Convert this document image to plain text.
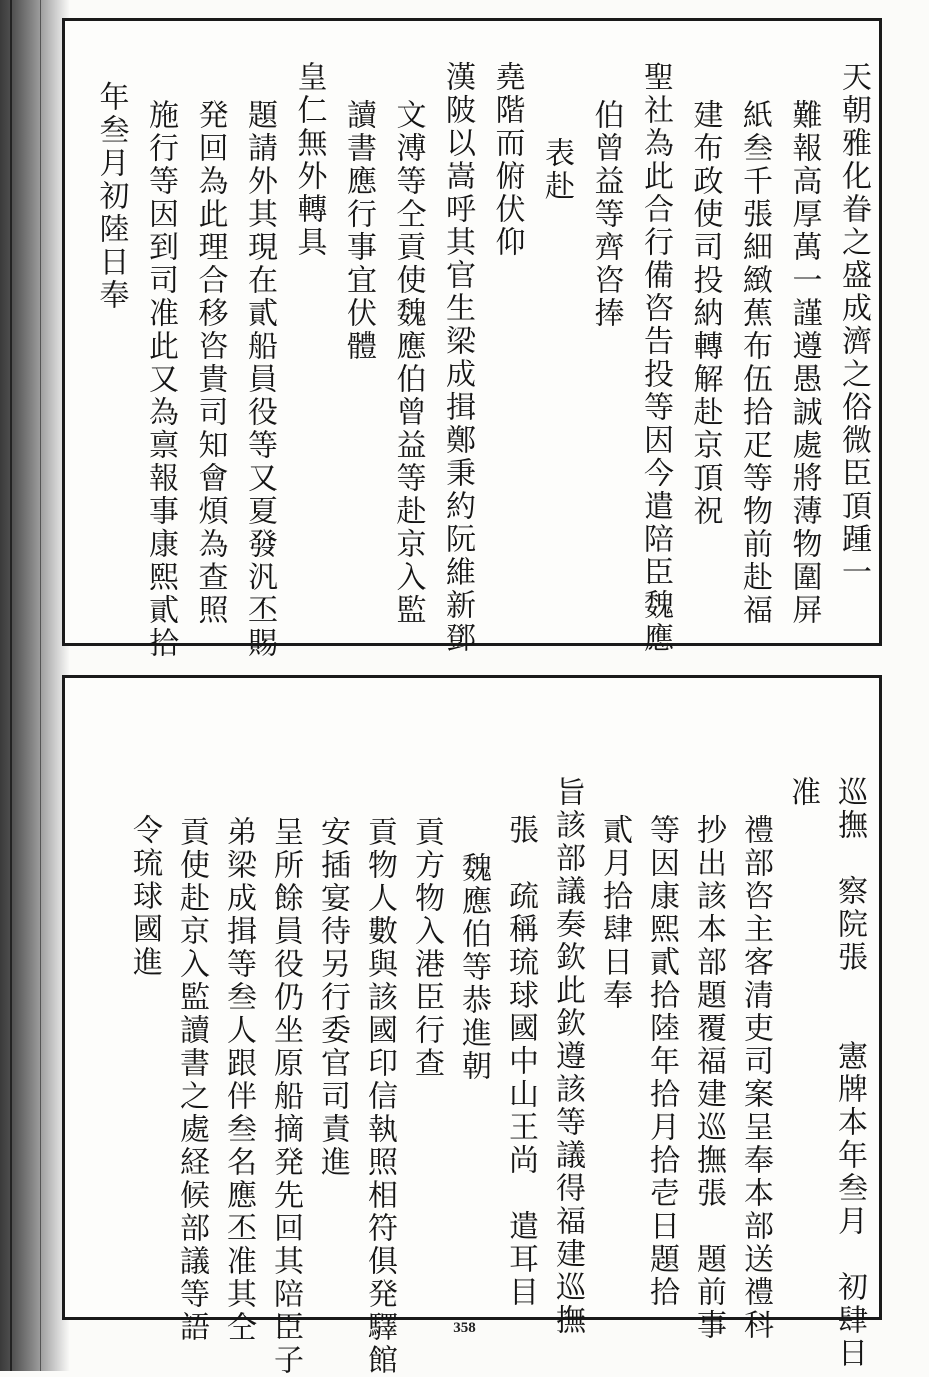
天朝雅化眷之盛成濟之俗微臣頂踵一
難報高厚萬一謹遵愚誠處將薄物圍屏
紙叁千張細緻蕉布伍拾疋等物前赴福
建布政使司投納轉解赴京頂祝
聖社為此合行備咨告投等因今遣陪臣魏應
伯曾益等齊咨捧
表赴
堯階而俯伏仰
漢陂以嵩呼其官生梁成揖鄭秉約阮維新鄧
文溥等仝貢使魏應伯曾益等赴京入監
讀書應行事宜伏體
皇仁無外轉具
題請外其現在貳船員役等又夏發汎丕賜
発回為此理合移咨貴司知會煩為查照
施行等因到司准此又為禀報事康熙貳拾
年叁月初陸日奉
巡撫　察院張　　憲牌本年叁月　初肆日
准
禮部咨主客清吏司案呈奉本部送禮科
抄出該本部題覆福建巡撫張　題前事
等因康熙貳拾陸年拾月拾壱日題拾
貳月拾肆日奉
旨該部議奏欽此欽遵該等議得福建巡撫
張　疏稱琉球國中山王尚　遣耳目
魏應伯等恭進朝
貢方物入港臣行查
貢物人數與該國印信執照相符俱発驛館
安插宴待另行委官司責進
呈所餘員役仍坐原船摘発先回其陪臣子
弟梁成揖等叁人跟伴叁名應丕准其仝
貢使赴京入監讀書之處経候部議等語
令琉球國進
358
